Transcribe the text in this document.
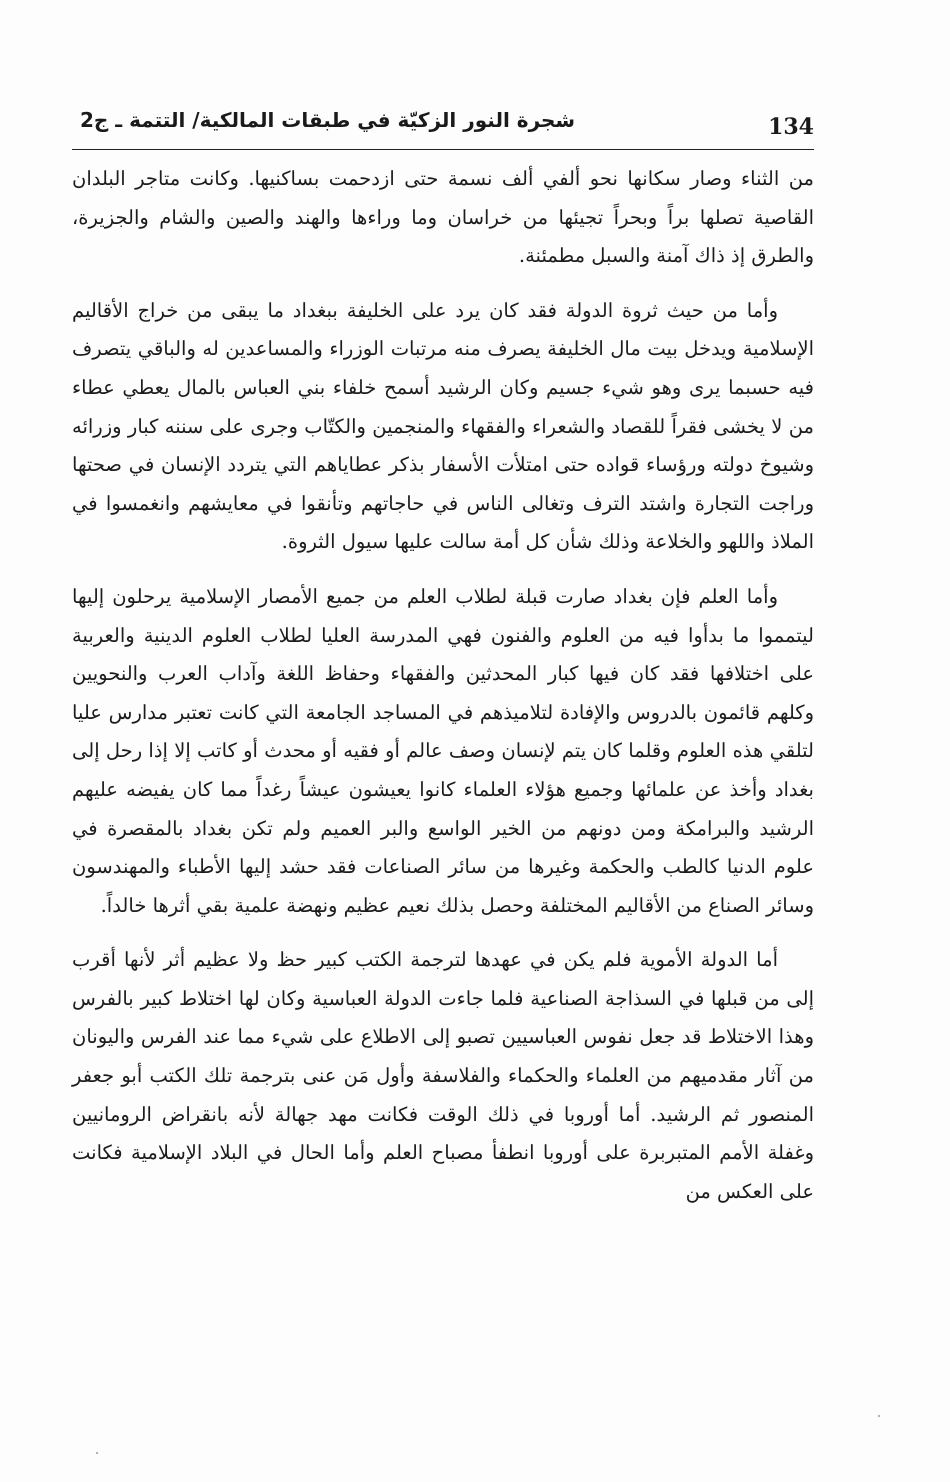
134
شجرة النور الزكيّة في طبقات المالكية/ التتمة ـ ج2

من الثناء وصار سكانها نحو ألفي ألف نسمة حتى ازدحمت بساكنيها. وكانت متاجر البلدان القاصية تصلها براً وبحراً تجيئها من خراسان وما وراءها والهند والصين والشام والجزيرة، والطرق إذ ذاك آمنة والسبل مطمئنة.

وأما من حيث ثروة الدولة فقد كان يرد على الخليفة ببغداد ما يبقى من خراج الأقاليم الإسلامية ويدخل بيت مال الخليفة يصرف منه مرتبات الوزراء والمساعدين له والباقي يتصرف فيه حسبما يرى وهو شيء جسيم وكان الرشيد أسمح خلفاء بني العباس بالمال يعطي عطاء من لا يخشى فقراً للقصاد والشعراء والفقهاء والمنجمين والكتّاب وجرى على سننه كبار وزرائه وشيوخ دولته ورؤساء قواده حتى امتلأت الأسفار بذكر عطاياهم التي يتردد الإنسان في صحتها وراجت التجارة واشتد الترف وتغالى الناس في حاجاتهم وتأنقوا في معايشهم وانغمسوا في الملاذ واللهو والخلاعة وذلك شأن كل أمة سالت عليها سيول الثروة.

وأما العلم فإن بغداد صارت قبلة لطلاب العلم من جميع الأمصار الإسلامية يرحلون إليها ليتمموا ما بدأوا فيه من العلوم والفنون فهي المدرسة العليا لطلاب العلوم الدينية والعربية على اختلافها فقد كان فيها كبار المحدثين والفقهاء وحفاظ اللغة وآداب العرب والنحويين وكلهم قائمون بالدروس والإفادة لتلاميذهم في المساجد الجامعة التي كانت تعتبر مدارس عليا لتلقي هذه العلوم وقلما كان يتم لإنسان وصف عالم أو فقيه أو محدث أو كاتب إلا إذا رحل إلى بغداد وأخذ عن علمائها وجميع هؤلاء العلماء كانوا يعيشون عيشاً رغداً مما كان يفيضه عليهم الرشيد والبرامكة ومن دونهم من الخير الواسع والبر العميم ولم تكن بغداد بالمقصرة في علوم الدنيا كالطب والحكمة وغيرها من سائر الصناعات فقد حشد إليها الأطباء والمهندسون وسائر الصناع من الأقاليم المختلفة وحصل بذلك نعيم عظيم ونهضة علمية بقي أثرها خالداً.

أما الدولة الأموية فلم يكن في عهدها لترجمة الكتب كبير حظ ولا عظيم أثر لأنها أقرب إلى من قبلها في السذاجة الصناعية فلما جاءت الدولة العباسية وكان لها اختلاط كبير بالفرس وهذا الاختلاط قد جعل نفوس العباسيين تصبو إلى الاطلاع على شيء مما عند الفرس واليونان من آثار مقدميهم من العلماء والحكماء والفلاسفة وأول مَن عنى بترجمة تلك الكتب أبو جعفر المنصور ثم الرشيد. أما أوروبا في ذلك الوقت فكانت مهد جهالة لأنه بانقراض الرومانيين وغفلة الأمم المتبربرة على أوروبا انطفأ مصباح العلم وأما الحال في البلاد الإسلامية فكانت على العكس من
